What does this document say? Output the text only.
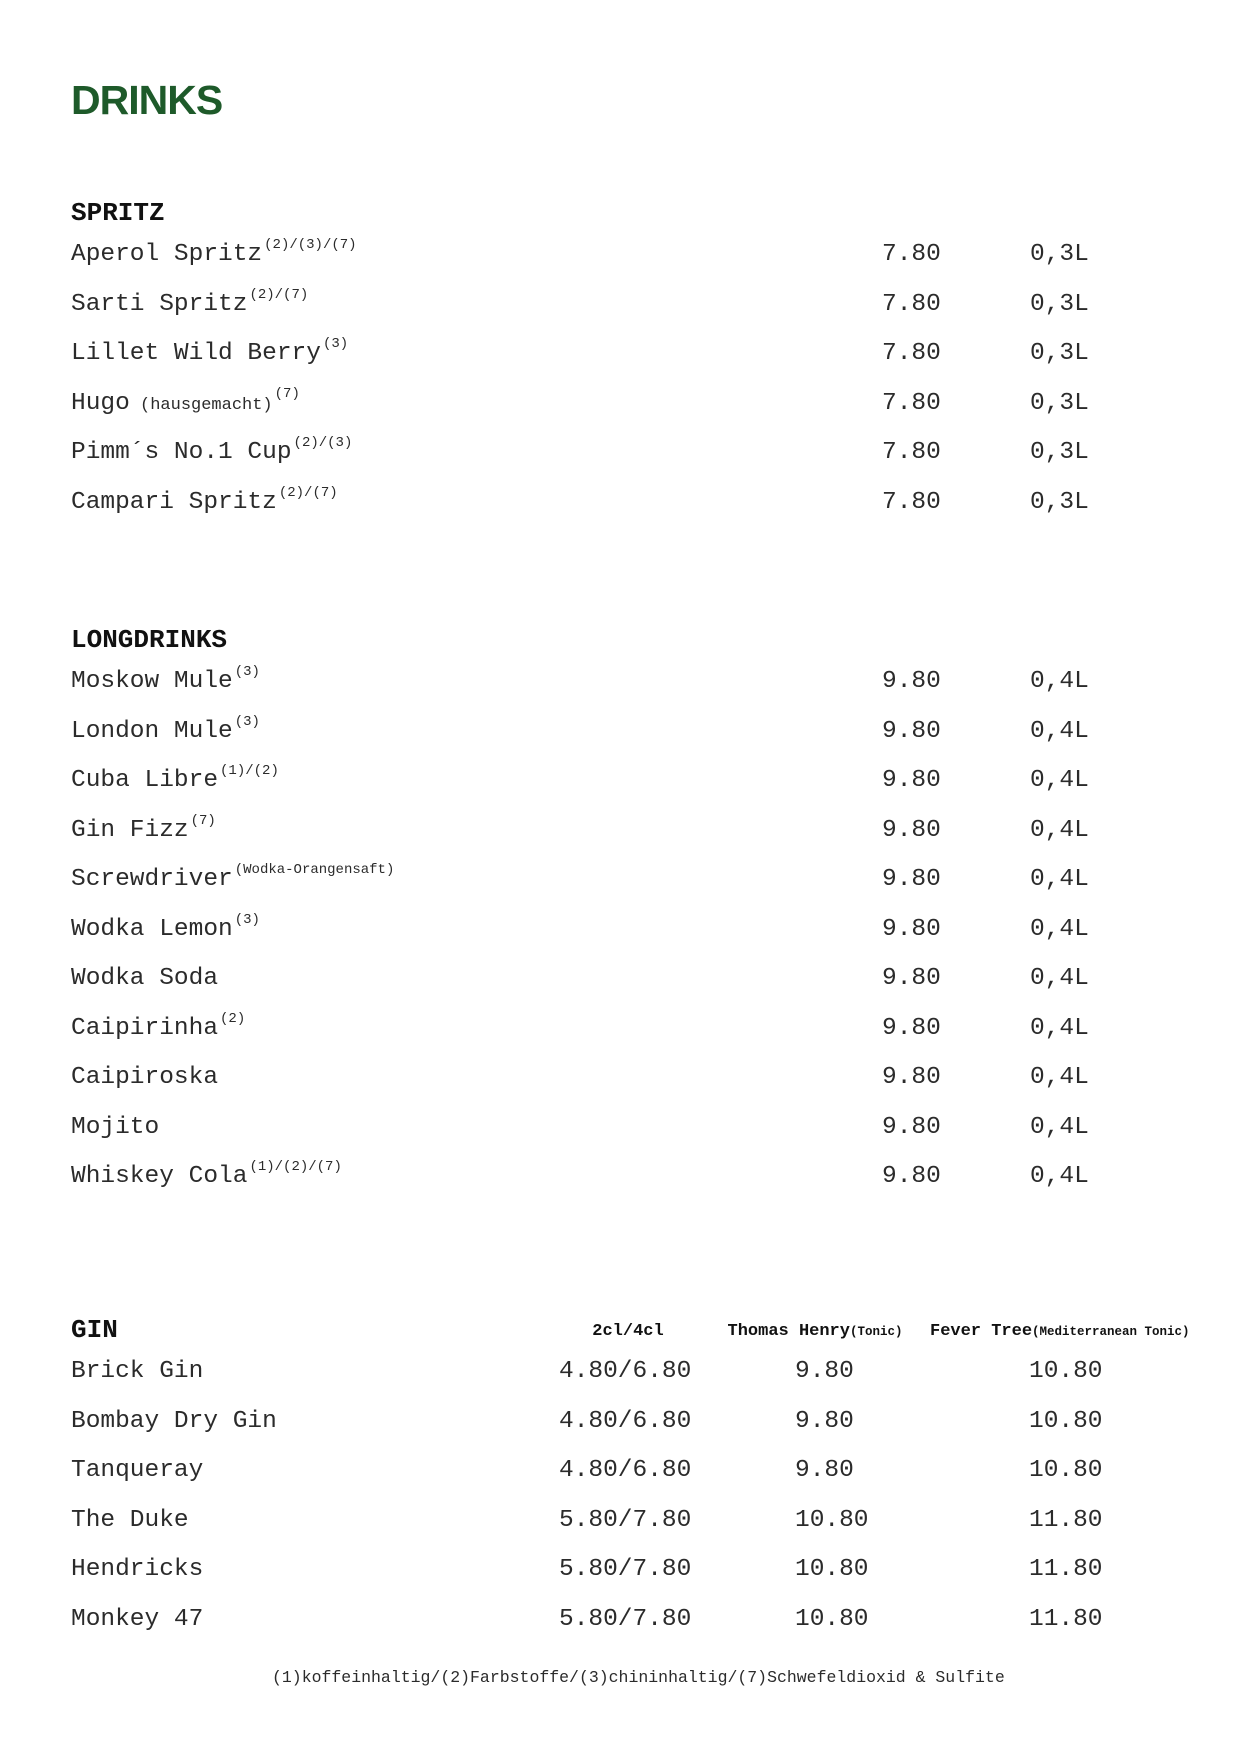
DRINKS
SPRITZ
Aperol Spritz $^{(2)/(3)/(7)}$	7.80	0,3L
Sarti Spritz $^{(2)/(7)}$	7.80	0,3L
Lillet Wild Berry $^{(3)}$	7.80	0,3L
Hugo (hausgemacht)$^{(7)}$	7.80	0,3L
Pimm´s No.1 Cup $^{(2)/(3)}$	7.80	0,3L
Campari Spritz $^{(2)/(7)}$	7.80	0,3L
LONGDRINKS
Moskow Mule $^{(3)}$	9.80	0,4L
London Mule $^{(3)}$	9.80	0,4L
Cuba Libre $^{(1)/(2)}$	9.80	0,4L
Gin Fizz $^{(7)}$	9.80	0,4L
Screwdriver $^{(Wodka-Orangensaft)}$	9.80	0,4L
Wodka Lemon $^{(3)}$	9.80	0,4L
Wodka Soda	9.80	0,4L
Caipirinha $^{(2)}$	9.80	0,4L
Caipiroska	9.80	0,4L
Mojito	9.80	0,4L
Whiskey Cola $^{(1)/(2)/(7)}$	9.80	0,4L
GIN	2cl/4cl	Thomas Henry(Tonic)	Fever Tree(Mediterranean Tonic)
Brick Gin	4.80/6.80	9.80	10.80
Bombay Dry Gin	4.80/6.80	9.80	10.80
Tanqueray	4.80/6.80	9.80	10.80
The Duke	5.80/7.80	10.80	11.80
Hendricks	5.80/7.80	10.80	11.80
Monkey 47	5.80/7.80	10.80	11.80

(1)koffeinhaltig/(2)Farbstoffe/(3)chininhaltig/(7)Schwefeldioxid & Sulfite
